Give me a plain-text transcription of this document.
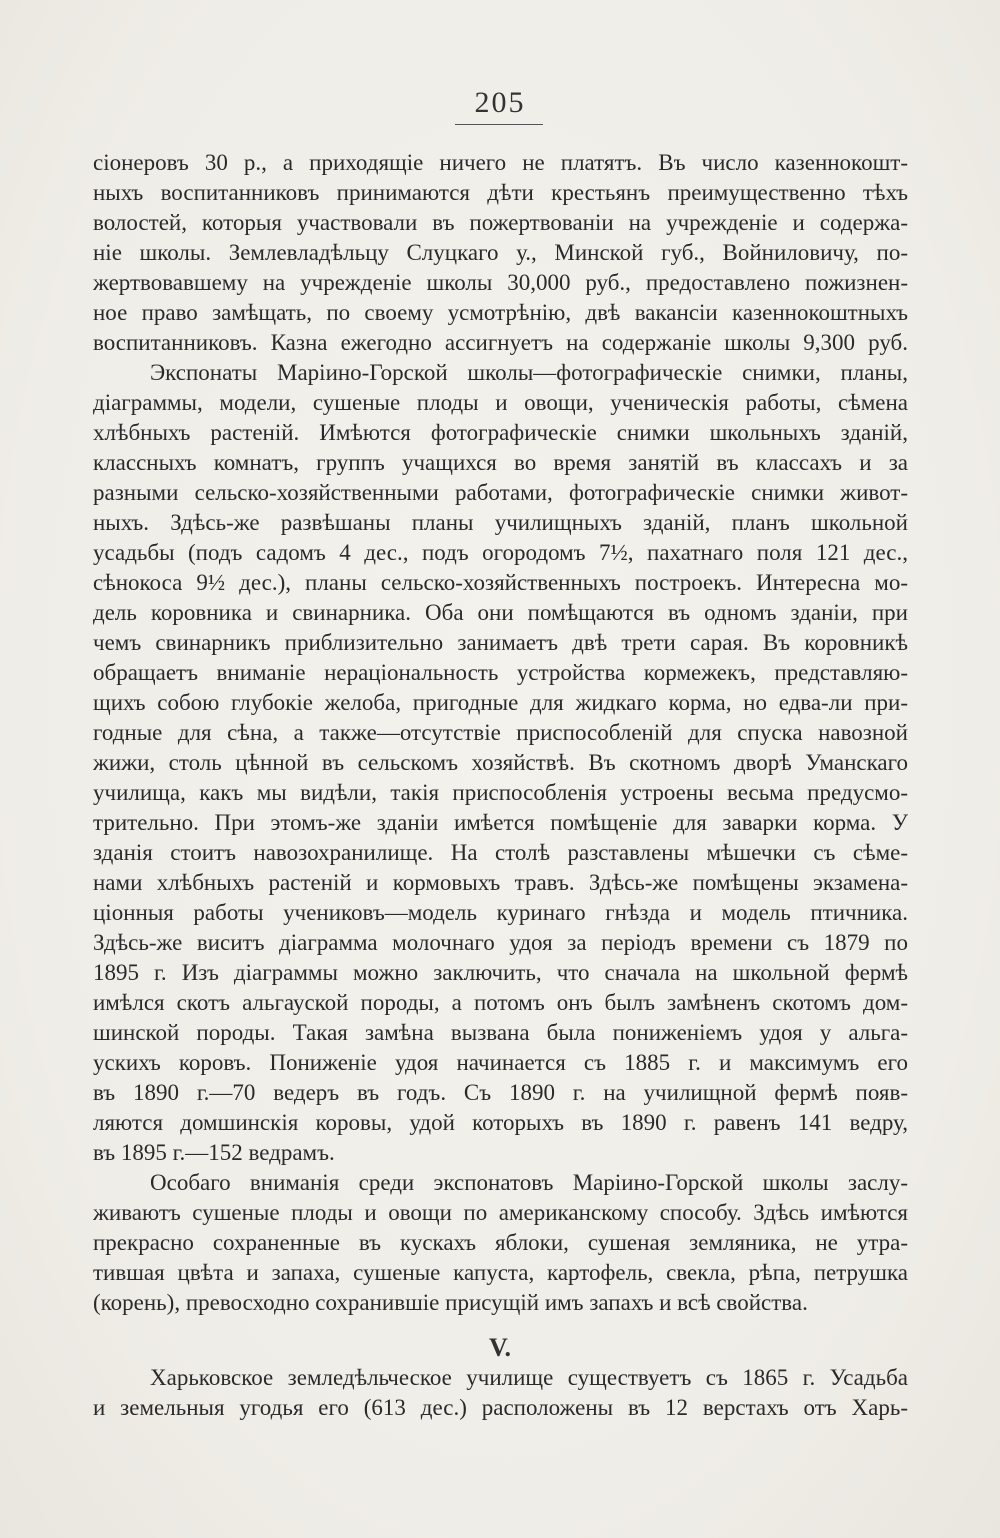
205
сіонеровъ 30 р., а приходящіе ничего не платятъ. Въ число казеннокошт-
ныхъ воспитанниковъ принимаются дѣти крестьянъ преимущественно тѣхъ
волостей, которыя участвовали въ пожертвованіи на учрежденіе и содержа-
ніе школы. Землевладѣльцу Слуцкаго у., Минской губ., Войниловичу, по-
жертвовавшему на учрежденіе школы 30,000 руб., предоставлено пожизнен-
ное право замѣщать, по своему усмотрѣнію, двѣ вакансіи казеннокоштныхъ
воспитанниковъ. Казна ежегодно ассигнуетъ на содержаніе школы 9,300 руб.
Экспонаты Маріино-Горской школы—фотографическіе снимки, планы,
діаграммы, модели, сушеные плоды и овощи, ученическія работы, сѣмена
хлѣбныхъ растеній. Имѣются фотографическіе снимки школьныхъ зданій,
классныхъ комнатъ, группъ учащихся во время занятій въ классахъ и за
разными сельско-хозяйственными работами, фотографическіе снимки живот-
ныхъ. Здѣсь-же развѣшаны планы училищныхъ зданій, планъ школьной
усадьбы (подъ садомъ 4 дес., подъ огородомъ 7½, пахатнаго поля 121 дес.,
сѣнокоса 9½ дес.), планы сельско-хозяйственныхъ построекъ. Интересна мо-
дель коровника и свинарника. Оба они помѣщаются въ одномъ зданіи, при
чемъ свинарникъ приблизительно занимаетъ двѣ трети сарая. Въ коровникѣ
обращаетъ вниманіе нераціональность устройства кормежекъ, представляю-
щихъ собою глубокіе желоба, пригодные для жидкаго корма, но едва-ли при-
годные для сѣна, а также—отсутствіе приспособленій для спуска навозной
жижи, столь цѣнной въ сельскомъ хозяйствѣ. Въ скотномъ дворѣ Уманскаго
училища, какъ мы видѣли, такія приспособленія устроены весьма предусмо-
трительно. При этомъ-же зданіи имѣется помѣщеніе для заварки корма. У
зданія стоитъ навозохранилище. На столѣ разставлены мѣшечки съ сѣме-
нами хлѣбныхъ растеній и кормовыхъ травъ. Здѣсь-же помѣщены экзамена-
ціонныя работы учениковъ—модель куринаго гнѣзда и модель птичника.
Здѣсь-же виситъ діаграмма молочнаго удоя за періодъ времени съ 1879 по
1895 г. Изъ діаграммы можно заключить, что сначала на школьной фермѣ
имѣлся скотъ альгауской породы, а потомъ онъ былъ замѣненъ скотомъ дом-
шинской породы. Такая замѣна вызвана была пониженіемъ удоя у альга-
ускихъ коровъ. Пониженіе удоя начинается съ 1885 г. и максимумъ его
въ 1890 г.—70 ведеръ въ годъ. Съ 1890 г. на училищной фермѣ появ-
ляются домшинскія коровы, удой которыхъ въ 1890 г. равенъ 141 ведру,
въ 1895 г.—152 ведрамъ.
Особаго вниманія среди экспонатовъ Маріино-Горской школы заслу-
живаютъ сушеные плоды и овощи по американскому способу. Здѣсь имѣются
прекрасно сохраненные въ кускахъ яблоки, сушеная земляника, не утра-
тившая цвѣта и запаха, сушеные капуста, картофель, свекла, рѣпа, петрушка
(корень), превосходно сохранившіе присущій имъ запахъ и всѣ свойства.
V.
Харьковское земледѣльческое училище существуетъ съ 1865 г. Усадьба
и земельныя угодья его (613 дес.) расположены въ 12 верстахъ отъ Харь-
